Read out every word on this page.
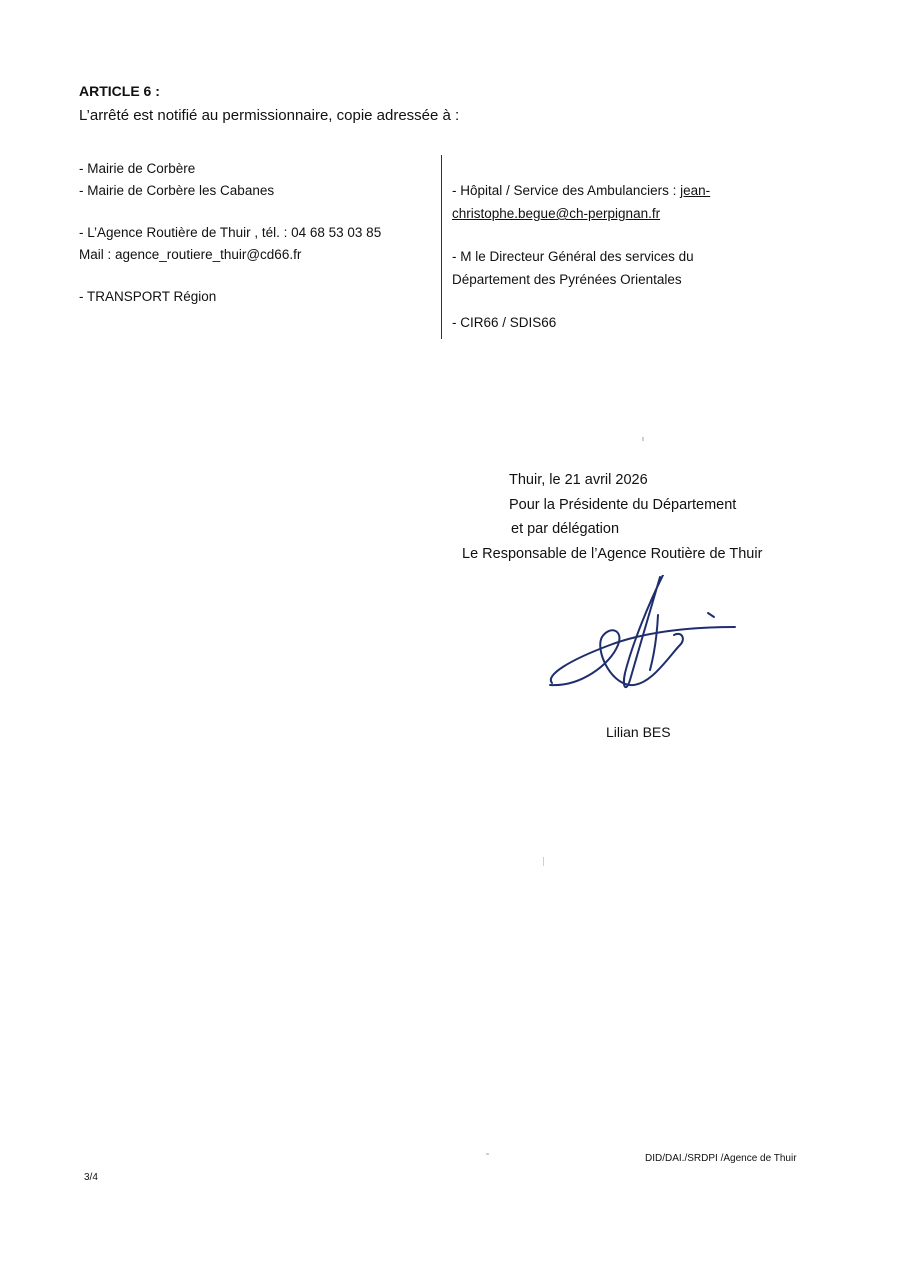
ARTICLE 6 :
L’arrêté est notifié au permissionnaire, copie adressée à :
- Mairie de Corbère
- Mairie de Corbère les Cabanes
- L’Agence Routière de Thuir , tél. : 04 68 53 03 85
Mail : agence_routiere_thuir@cd66.fr
- TRANSPORT Région
- Hôpital / Service des Ambulanciers : jean-
christophe.begue@ch-perpignan.fr
- M le Directeur Général des services du
Département des Pyrénées Orientales
- CIR66 / SDIS66
Thuir, le 21 avril 2026
Pour la Présidente du Département
et par délégation
Le Responsable de l’Agence Routière de Thuir
Lilian BES
DID/DAI./SRDPI /Agence de Thuir
3/4
